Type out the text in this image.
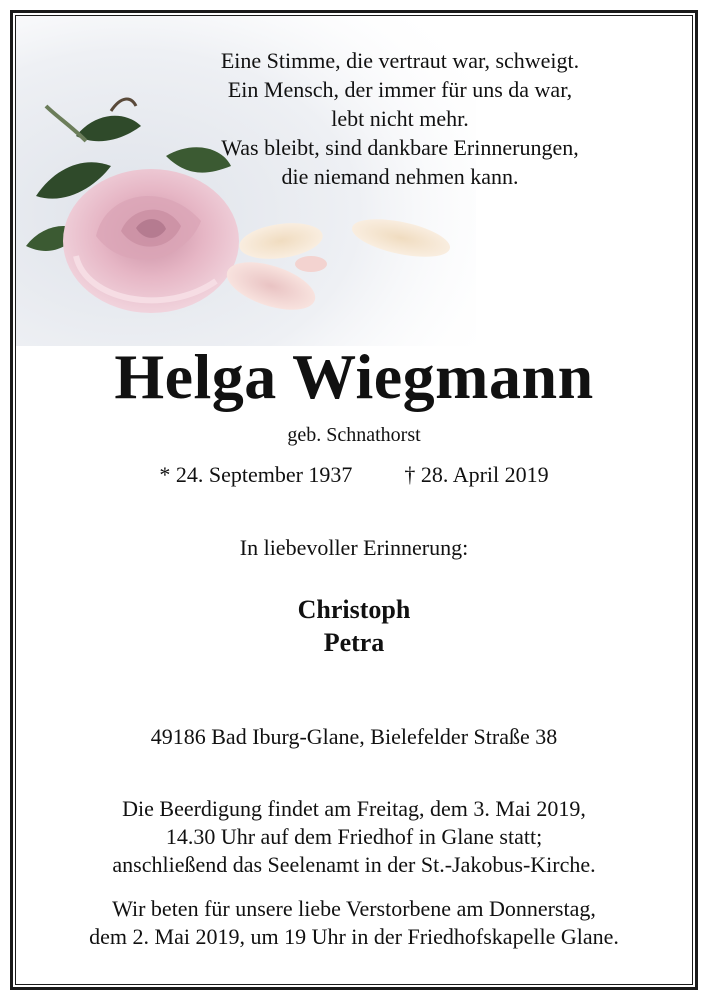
Eine Stimme, die vertraut war, schweigt.
Ein Mensch, der immer für uns da war,
lebt nicht mehr.
Was bleibt, sind dankbare Erinnerungen,
die niemand nehmen kann.
Helga Wiegmann
geb. Schnathorst
* 24. September 1937 † 28. April 2019
In liebevoller Erinnerung:
Christoph
Petra
49186 Bad Iburg-Glane, Bielefelder Straße 38
Die Beerdigung findet am Freitag, dem 3. Mai 2019,
14.30 Uhr auf dem Friedhof in Glane statt;
anschließend das Seelenamt in der St.-Jakobus-Kirche.
Wir beten für unsere liebe Verstorbene am Donnerstag,
dem 2. Mai 2019, um 19 Uhr in der Friedhofskapelle Glane.
